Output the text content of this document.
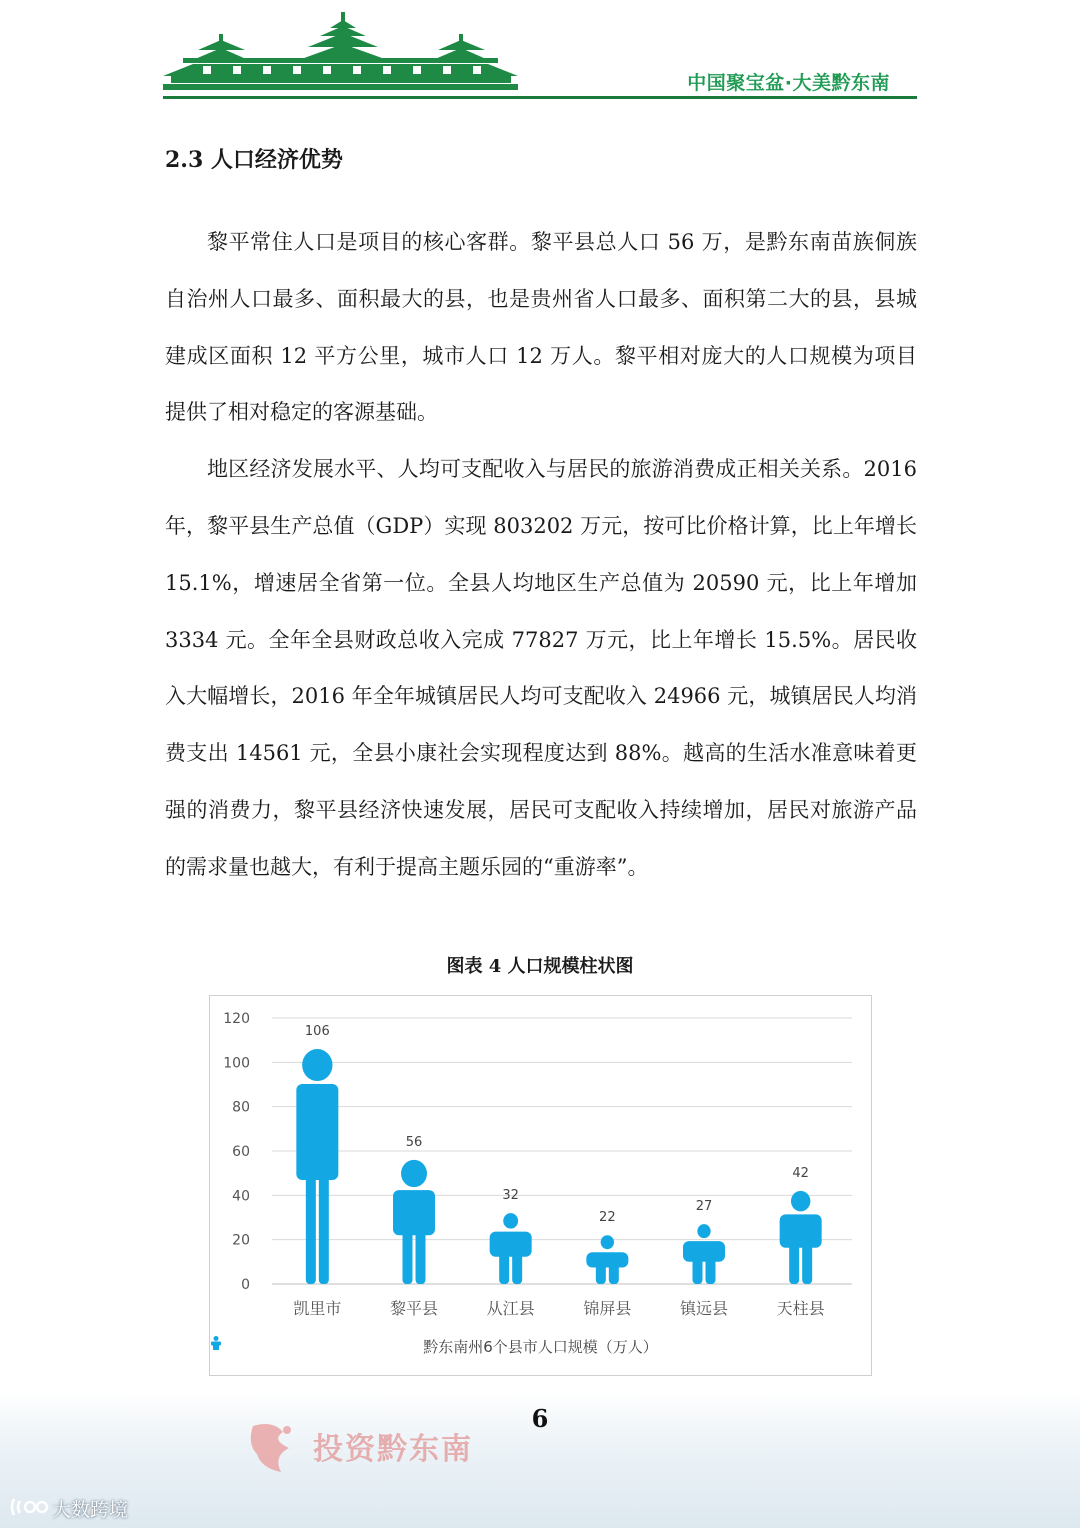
中国聚宝盆·大美黔东南
2.3 人口经济优势

黎平常住人口是项目的核心客群。黎平县总人口 56 万，是黔东南苗族侗族自治州人口最多、面积最大的县，也是贵州省人口最多、面积第二大的县，县城建成区面积 12 平方公里，城市人口 12 万人。黎平相对庞大的人口规模为项目提供了相对稳定的客源基础。

地区经济发展水平、人均可支配收入与居民的旅游消费成正相关关系。2016 年，黎平县生产总值（GDP）实现 803202 万元，按可比价格计算，比上年增长 15.1%，增速居全省第一位。全县人均地区生产总值为 20590 元，比上年增加 3334 元。全年全县财政总收入完成 77827 万元，比上年增长 15.5%。居民收入大幅增长，2016 年全年城镇居民人均可支配收入 24966 元，城镇居民人均消费支出 14561 元，全县小康社会实现程度达到 88%。越高的生活水准意味着更强的消费力，黎平县经济快速发展，居民可支配收入持续增加，居民对旅游产品的需求量也越大，有利于提高主题乐园的“重游率”。

图表 4 人口规模柱状图
0
20
40
60
80
100
120
106
凯里市
56
黎平县
32
从江县
22
锦屏县
27
镇远县
42
天柱县
黔东南州6个县市人口规模（万人）
投资黔东南
6
大数跨境
